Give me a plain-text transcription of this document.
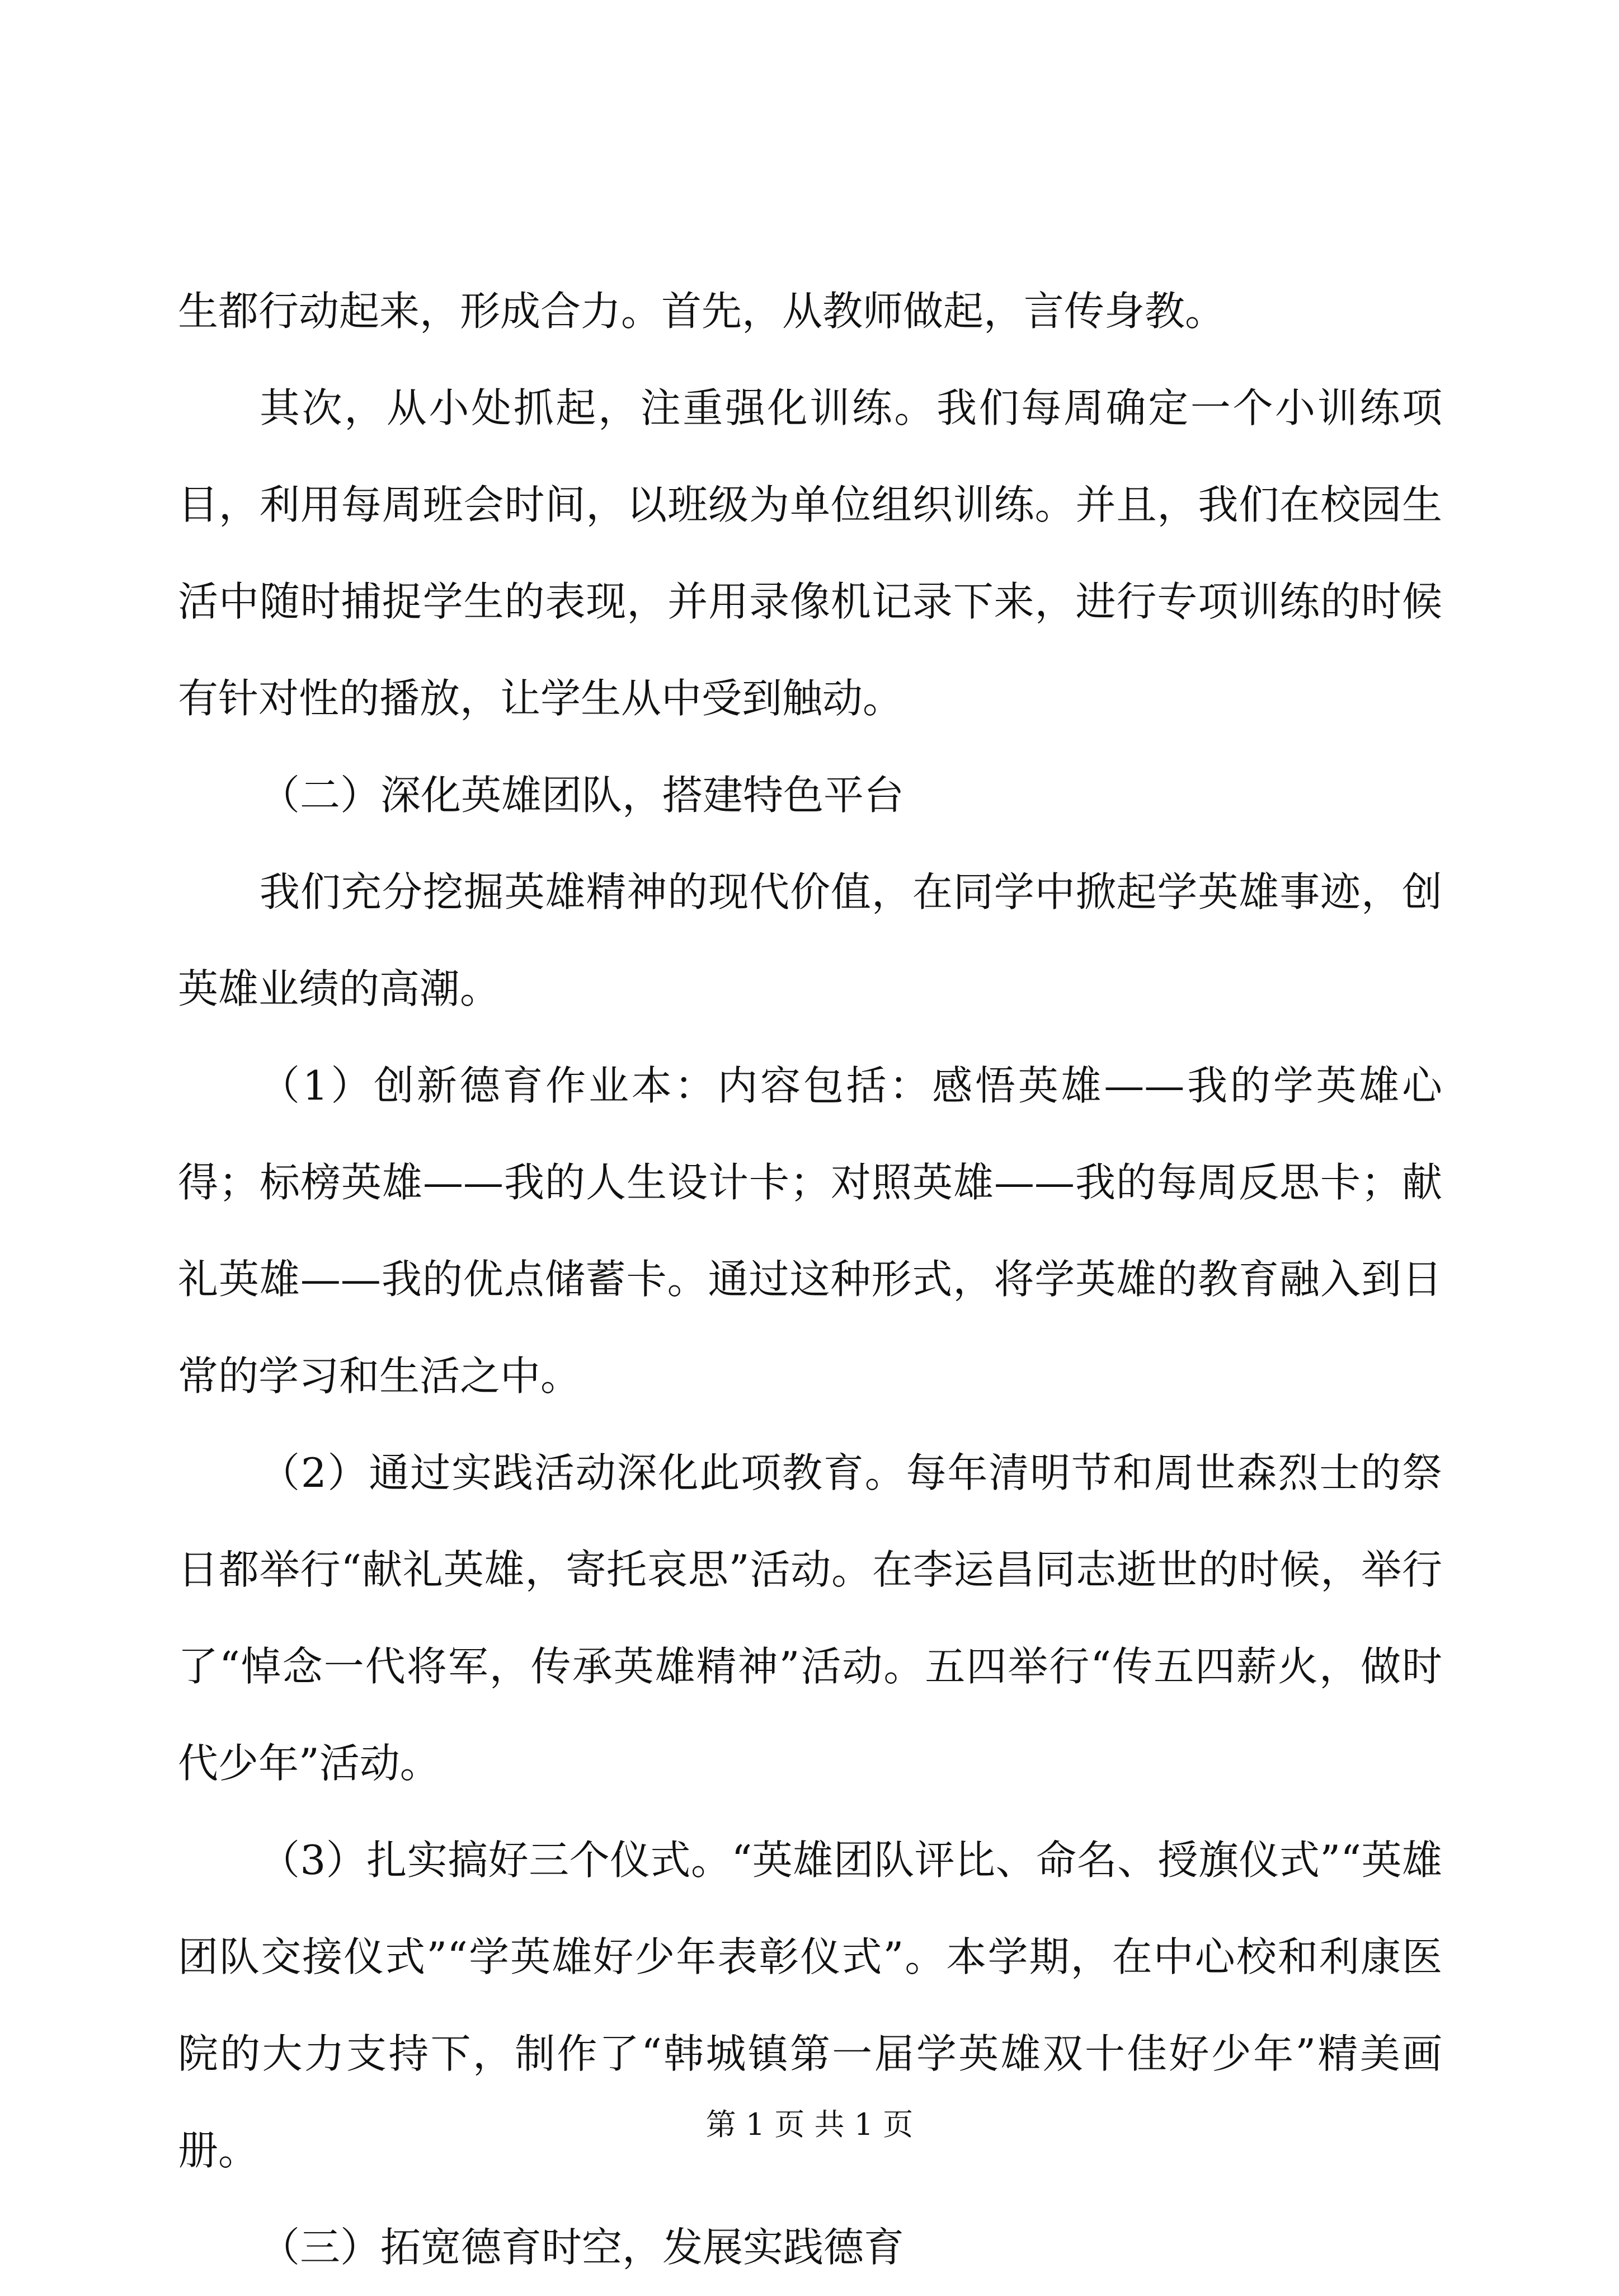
生都行动起来，形成合力。首先，从教师做起，言传身教。

其次，从小处抓起，注重强化训练。我们每周确定一个小训练项目，利用每周班会时间，以班级为单位组织训练。并且，我们在校园生活中随时捕捉学生的表现，并用录像机记录下来，进行专项训练的时候有针对性的播放，让学生从中受到触动。

（二）深化英雄团队，搭建特色平台

我们充分挖掘英雄精神的现代价值，在同学中掀起学英雄事迹，创英雄业绩的高潮。

（1）创新德育作业本：内容包括：感悟英雄——我的学英雄心得；标榜英雄——我的人生设计卡；对照英雄——我的每周反思卡；献礼英雄——我的优点储蓄卡。通过这种形式，将学英雄的教育融入到日常的学习和生活之中。

（2）通过实践活动深化此项教育。每年清明节和周世森烈士的祭日都举行“献礼英雄，寄托哀思”活动。在李运昌同志逝世的时候，举行了“悼念一代将军，传承英雄精神”活动。五四举行“传五四薪火，做时代少年”活动。

（3）扎实搞好三个仪式。“英雄团队评比、命名、授旗仪式”“英雄团队交接仪式”“学英雄好少年表彰仪式”。本学期，在中心校和利康医院的大力支持下，制作了“韩城镇第一届学英雄双十佳好少年”精美画册。

（三）拓宽德育时空，发展实践德育

第 1 页 共 1 页
